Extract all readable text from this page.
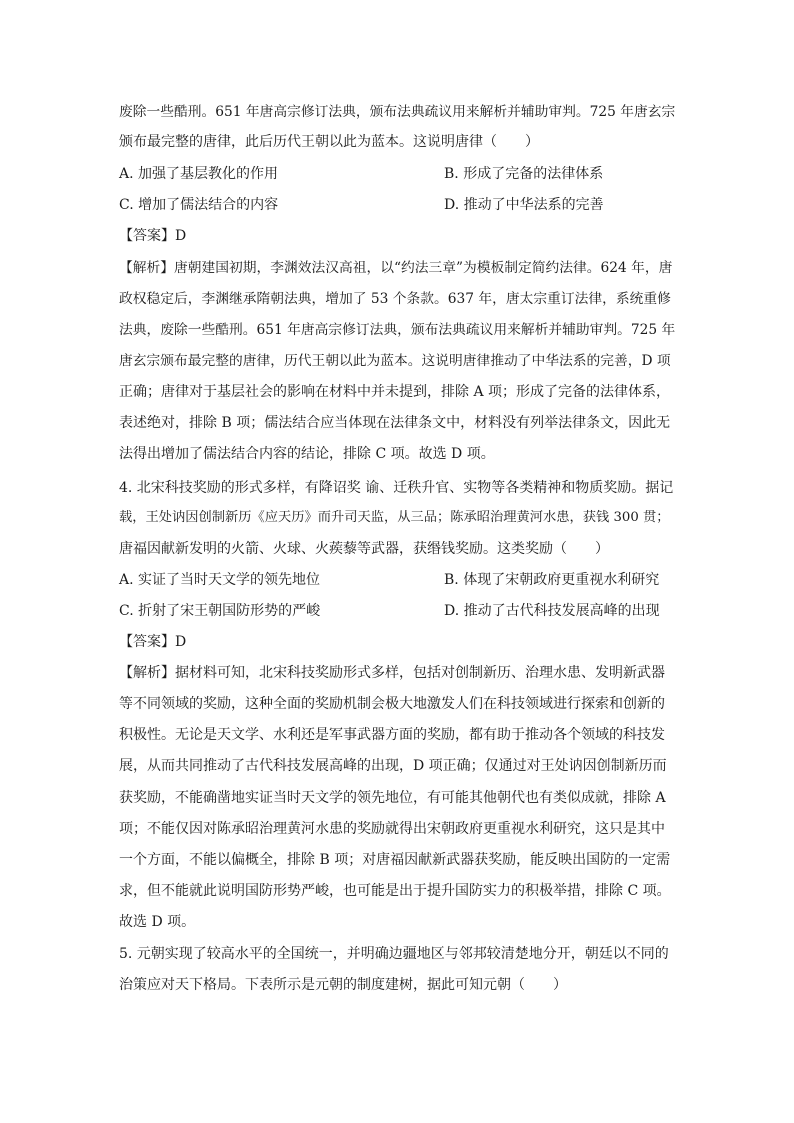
废除一些酷刑。651 年唐高宗修订法典，颁布法典疏议用来解析并辅助审判。725 年唐玄宗
颁布最完整的唐律，此后历代王朝以此为蓝本。这说明唐律（　　）
A. 加强了基层教化的作用	B. 形成了完备的法律体系
C. 增加了儒法结合的内容	D. 推动了中华法系的完善
【答案】D
【解析】唐朝建国初期，李渊效法汉高祖，以“约法三章”为模板制定简约法律。624 年，唐
政权稳定后，李渊继承隋朝法典，增加了 53 个条款。637 年，唐太宗重订法律，系统重修
法典，废除一些酷刑。651 年唐高宗修订法典，颁布法典疏议用来解析并辅助审判。725 年
唐玄宗颁布最完整的唐律，历代王朝以此为蓝本。这说明唐律推动了中华法系的完善，D 项
正确；唐律对于基层社会的影响在材料中并未提到，排除 A 项；形成了完备的法律体系，
表述绝对，排除 B 项；儒法结合应当体现在法律条文中，材料没有列举法律条文，因此无
法得出增加了儒法结合内容的结论，排除 C 项。故选 D 项。
4. 北宋科技奖励的形式多样，有降诏奖 谕、迁秩升官、实物等各类精神和物质奖励。据记
载，王处讷因创制新历《应天历》而升司天监，从三品；陈承昭治理黄河水患，获钱 300 贯；
唐福因献新发明的火箭、火球、火蒺藜等武器，获缗钱奖励。这类奖励（　　）
A. 实证了当时天文学的领先地位	B. 体现了宋朝政府更重视水利研究
C. 折射了宋王朝国防形势的严峻	D. 推动了古代科技发展高峰的出现
【答案】D
【解析】据材料可知，北宋科技奖励形式多样，包括对创制新历、治理水患、发明新武器
等不同领域的奖励，这种全面的奖励机制会极大地激发人们在科技领域进行探索和创新的
积极性。无论是天文学、水利还是军事武器方面的奖励，都有助于推动各个领域的科技发
展，从而共同推动了古代科技发展高峰的出现，D 项正确；仅通过对王处讷因创制新历而
获奖励，不能确凿地实证当时天文学的领先地位，有可能其他朝代也有类似成就，排除 A
项；不能仅因对陈承昭治理黄河水患的奖励就得出宋朝政府更重视水利研究，这只是其中
一个方面，不能以偏概全，排除 B 项；对唐福因献新武器获奖励，能反映出国防的一定需
求，但不能就此说明国防形势严峻，也可能是出于提升国防实力的积极举措，排除 C 项。
故选 D 项。
5. 元朝实现了较高水平的全国统一，并明确边疆地区与邻邦较清楚地分开，朝廷以不同的
治策应对天下格局。下表所示是元朝的制度建树，据此可知元朝（　　）
